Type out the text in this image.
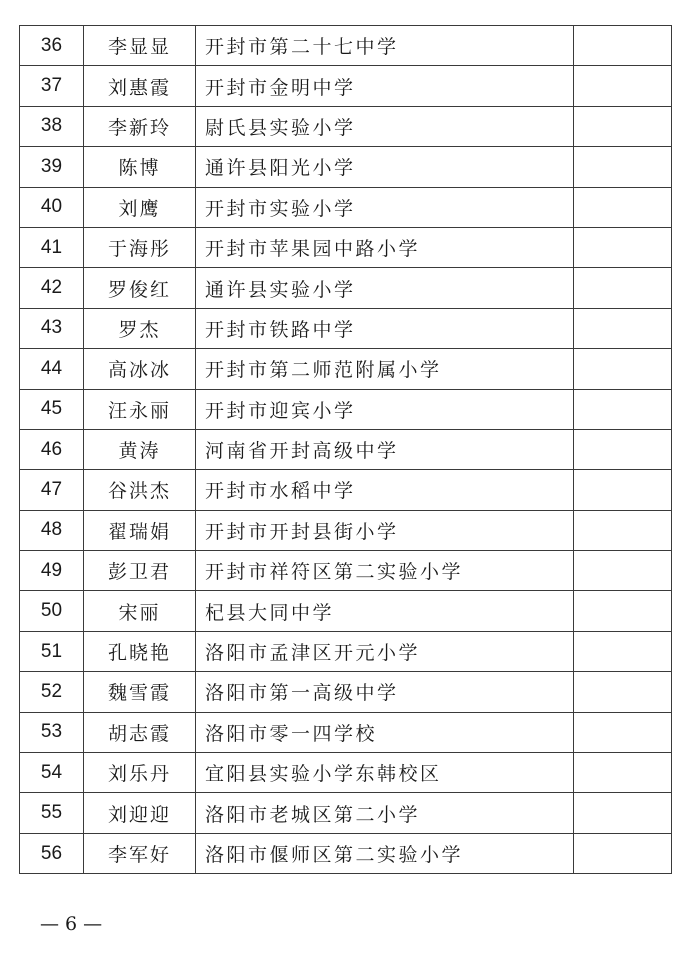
36	李显显	开封市第二十七中学	
37	刘惠霞	开封市金明中学	
38	李新玲	尉氏县实验小学	
39	陈博	通许县阳光小学	
40	刘鹰	开封市实验小学	
41	于海彤	开封市苹果园中路小学	
42	罗俊红	通许县实验小学	
43	罗杰	开封市铁路中学	
44	高冰冰	开封市第二师范附属小学	
45	汪永丽	开封市迎宾小学	
46	黄涛	河南省开封高级中学	
47	谷洪杰	开封市水稻中学	
48	翟瑞娟	开封市开封县街小学	
49	彭卫君	开封市祥符区第二实验小学	
50	宋丽	杞县大同中学	
51	孔晓艳	洛阳市孟津区开元小学	
52	魏雪霞	洛阳市第一高级中学	
53	胡志霞	洛阳市零一四学校	
54	刘乐丹	宜阳县实验小学东韩校区	
55	刘迎迎	洛阳市老城区第二小学	
56	李军好	洛阳市偃师区第二实验小学	
— 6 —
